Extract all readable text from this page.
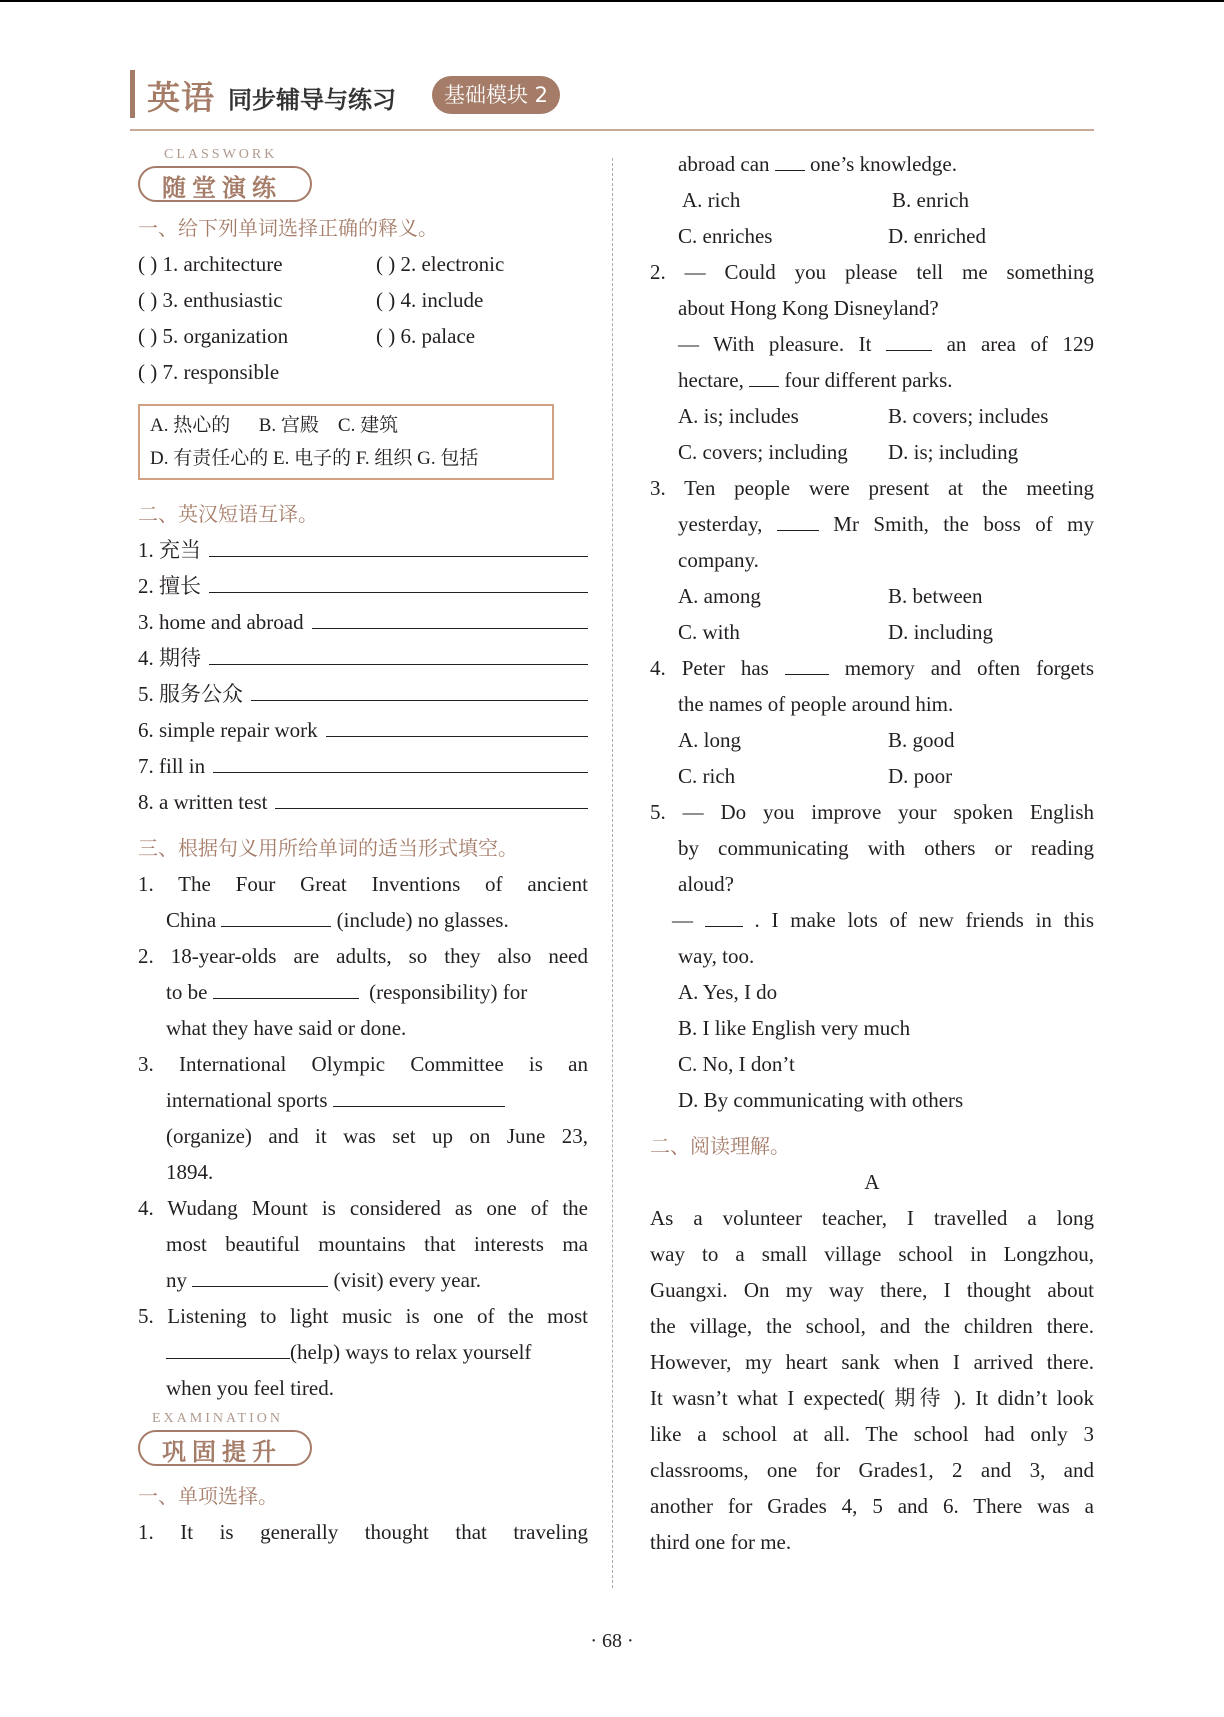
英语 同步辅导与练习	基础模块 2
CLASSWORK
随堂演练
一、给下列单词选择正确的释义。
( ) 1. architecture	( ) 2. electronic
( ) 3. enthusiastic	( ) 4. include
( ) 5. organization	( ) 6. palace
( ) 7. responsible
A. 热心的      B. 宫殿    C. 建筑
D. 有责任心的 E. 电子的 F. 组织 G. 包括
二、英汉短语互译。
1. 充当
2. 擅长
3. home and abroad
4. 期待
5. 服务公众
6. simple repair work
7. fill in
8. a written test
三、根据句义用所给单词的适当形式填空。
1. The Four Great Inventions of ancient
China	(include) no glasses.
2. 18-year-olds are adults, so they also need
to be	(responsibility) for
what they have said or done.
3. International Olympic Committee is an
international sports
(organize) and it was set up on June 23,
1894.
4. Wudang Mount is considered as one of the
most beautiful mountains that interests ma
ny	(visit) every year.
5. Listening to light music is one of the most
(help) ways to relax yourself
when you feel tired.
EXAMINATION
巩固提升
一、单项选择。
1. It is generally thought that traveling
abroad can one’s knowledge.
A. rich	B. enrich
C. enriches	D. enriched
2. — Could you please tell me something
about Hong Kong Disneyland?
— With pleasure. It	an area of 129
hectare, four different parks.
A. is; includes	B. covers; includes
C. covers; including	D. is; including
3. Ten people were present at the meeting
yesterday,	Mr Smith, the boss of my
company.
A. among	B. between
C. with	D. including
4. Peter has	memory and often forgets
the names of people around him.
A. long	B. good
C. rich	D. poor
5. — Do you improve your spoken English
by communicating with others or reading
aloud?
—	. I make lots of new friends in this
way, too.
A. Yes, I do
B. I like English very much
C. No, I don’t
D. By communicating with others
二、阅读理解。
A
As a volunteer teacher, I travelled a long
way to a small village school in Longzhou,
Guangxi. On my way there, I thought about
the village, the school, and the children there.
However, my heart sank when I arrived there.
It wasn’t what I expected( 期待 ). It didn’t look
like a school at all. The school had only 3
classrooms, one for Grades1, 2 and 3, and
another for Grades 4, 5 and 6. There was a
third one for me.
· 68 ·
